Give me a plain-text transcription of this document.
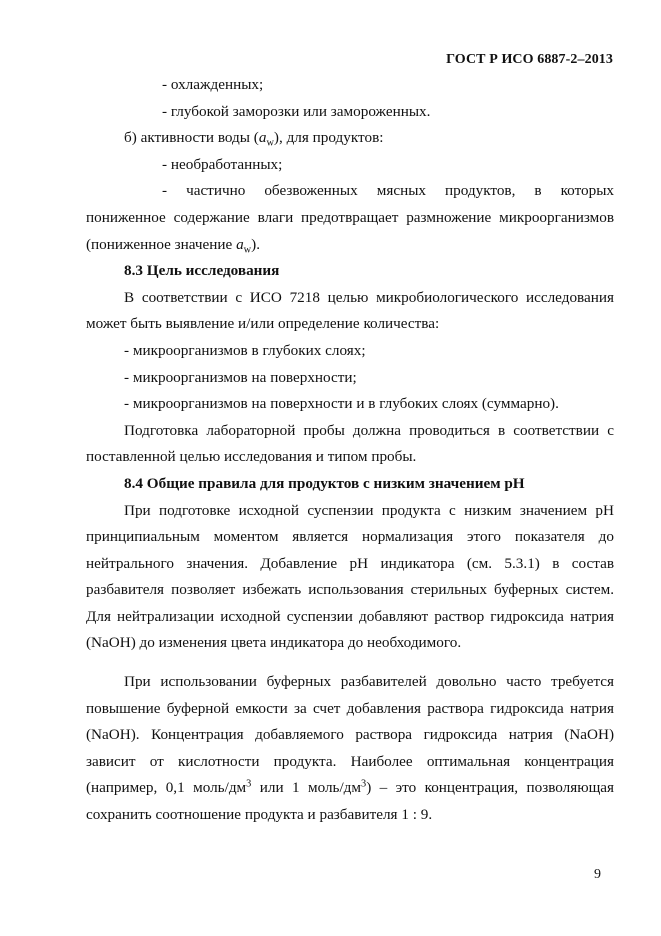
ГОСТ Р ИСО 6887-2–2013

- охлажденных;

- глубокой заморозки или замороженных.

б) активности воды $(a_w)$, для продуктов:

- необработанных;

- частично обезвоженных мясных продуктов, в которых

пониженное содержание влаги предотвращает размножение микроорганизмов

(пониженное значение $a_w$).

8.3 Цель исследования

В соответствии с ИСО 7218 целью микробиологического исследования может быть выявление и/или определение количества:

- микроорганизмов в глубоких слоях;

- микроорганизмов на поверхности;

- микроорганизмов на поверхности и в глубоких слоях (суммарно).

Подготовка лабораторной пробы должна проводиться в соответствии с поставленной целью исследования и типом пробы.

8.4 Общие правила для продуктов с низким значением pH

При подготовке исходной суспензии продукта с низким значением pH принципиальным моментом является нормализация этого показателя до нейтрального значения. Добавление pH индикатора (см. 5.3.1) в состав разбавителя позволяет избежать использования стерильных буферных систем. Для нейтрализации исходной суспензии добавляют раствор гидроксида натрия (NaOH) до изменения цвета индикатора до необходимого.

При использовании буферных разбавителей довольно часто требуется повышение буферной емкости за счет добавления раствора гидроксида натрия (NaOH). Концентрация добавляемого раствора гидроксида натрия (NaOH) зависит от кислотности продукта. Наиболее оптимальная концентрация (например, 0,1 моль/$дм^3$ или 1 моль/$дм^3$) – это концентрация, позволяющая сохранить соотношение продукта и разбавителя 1 : 9.

9
